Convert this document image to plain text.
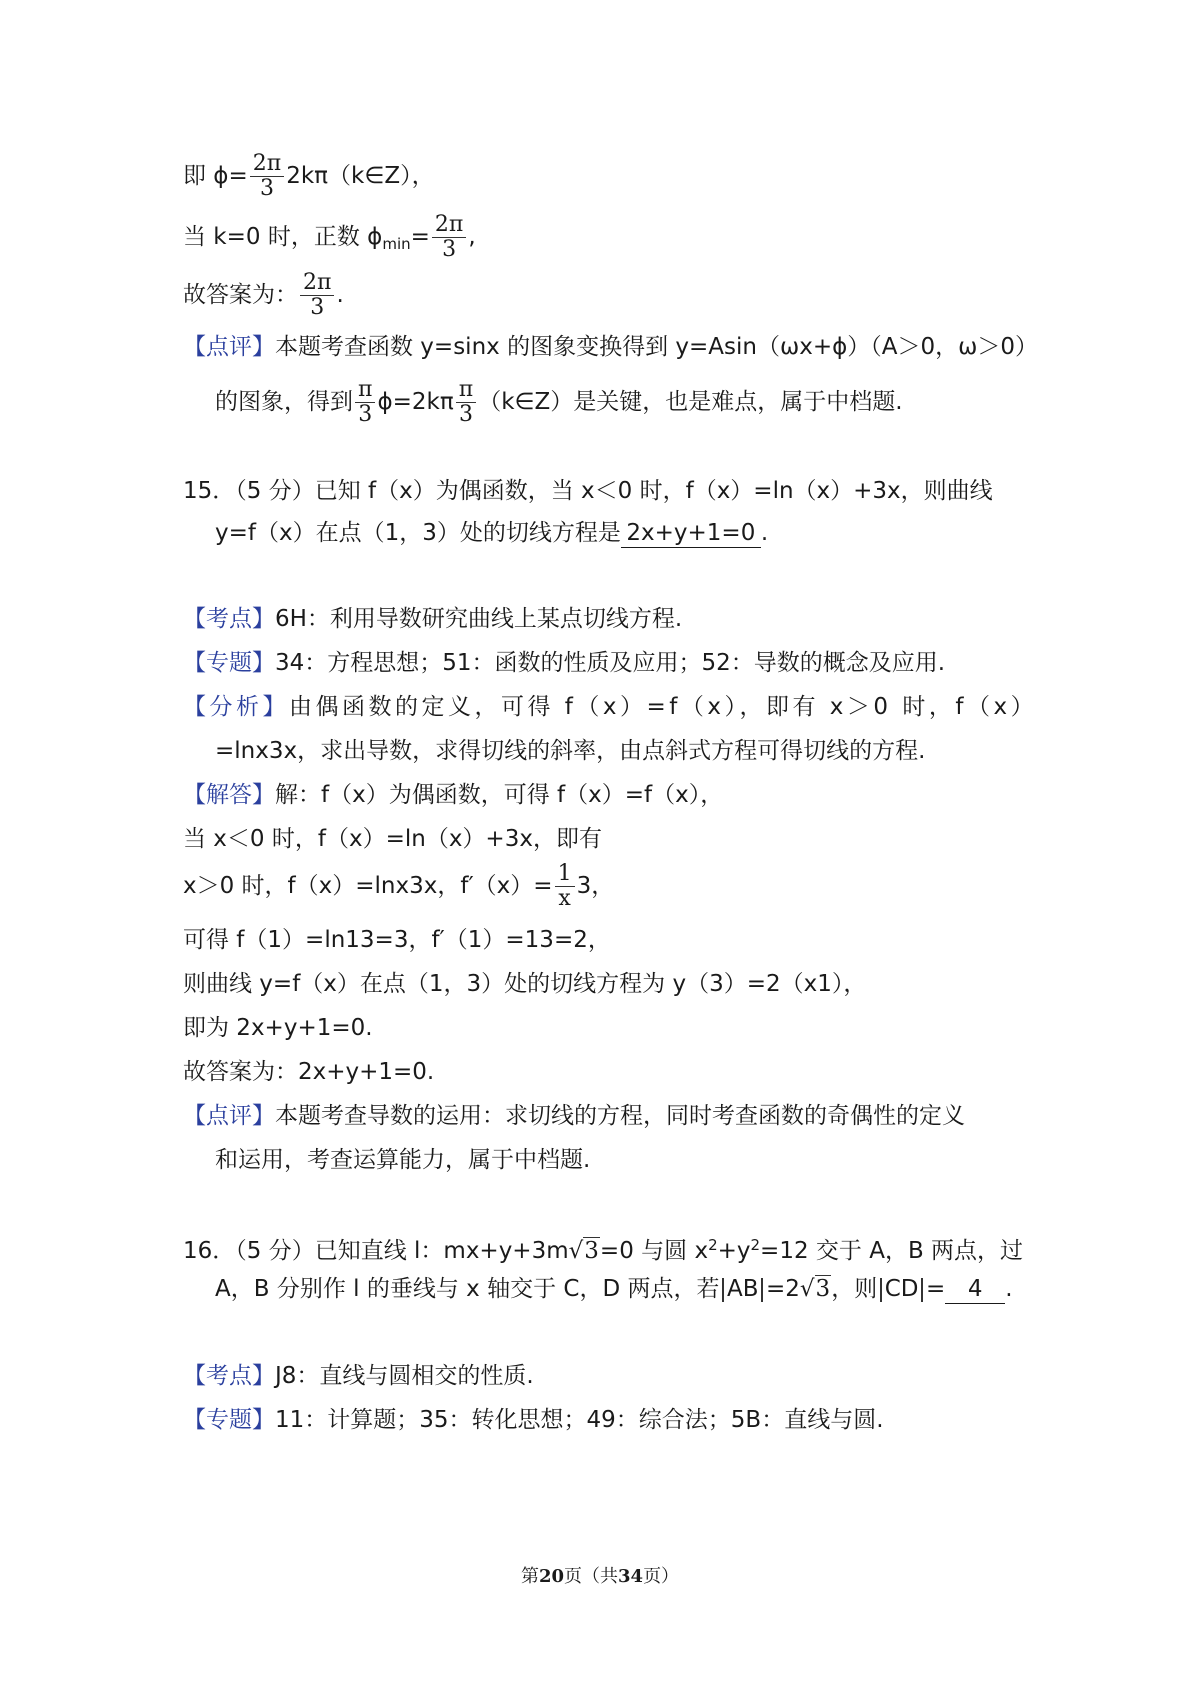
即 $\phi= \frac{2\pi}{3}$ 2kπ（k∈Z），
当 k=0 时，正数 $\phi_{min}= \frac{2\pi}{3}$ ,
故答案为： $\frac{2\pi}{3}$ .
【点评】本题考查函数 y=sinx 的图象变换得到 y=Asin（ωx+ϕ）（A＞0，ω＞0）
的图象，得到 $\frac{\pi}{3} \phi=2k\pi \frac{\pi}{3}$ （k∈Z）是关键，也是难点，属于中档题.
15．（5 分）已知 f（x）为偶函数，当 x＜0 时，f（x）=ln（x）+3x，则曲线
y=f（x）在点（1，3）处的切线方程是 2x+y+1=0 .
【考点】6H：利用导数研究曲线上某点切线方程.
【专题】34：方程思想；51：函数的性质及应用；52：导数的概念及应用.
【分析】由偶函数的定义，可得 f（x）=f（x），即有 x＞0 时，f（x）
=lnx3x，求出导数，求得切线的斜率，由点斜式方程可得切线的方程.
【解答】解：f（x）为偶函数，可得 f（x）=f（x），
当 x＜0 时，f（x）=ln（x）+3x，即有
x＞0 时，f（x）=lnx3x，$f'(x)= \frac{1}{x} 3$，
可得 f（1）=ln13=3，f′（1）=13=2，
则曲线 y=f（x）在点（1，3）处的切线方程为 y（3）=2（x1），
即为 2x+y+1=0.
故答案为：2x+y+1=0.
【点评】本题考查导数的运用：求切线的方程，同时考查函数的奇偶性的定义
和运用，考查运算能力，属于中档题.
16．（5 分）已知直线 l：mx+y+3m√3=0 与圆 $x^2+y^2=12$ 交于 A，B 两点，过
A，B 分别作 l 的垂线与 x 轴交于 C，D 两点，若 AB =2√3，则 CD = 4 .
【考点】J8：直线与圆相交的性质.
【专题】11：计算题；35：转化思想；49：综合法；5B：直线与圆.
第20页（共34页）
